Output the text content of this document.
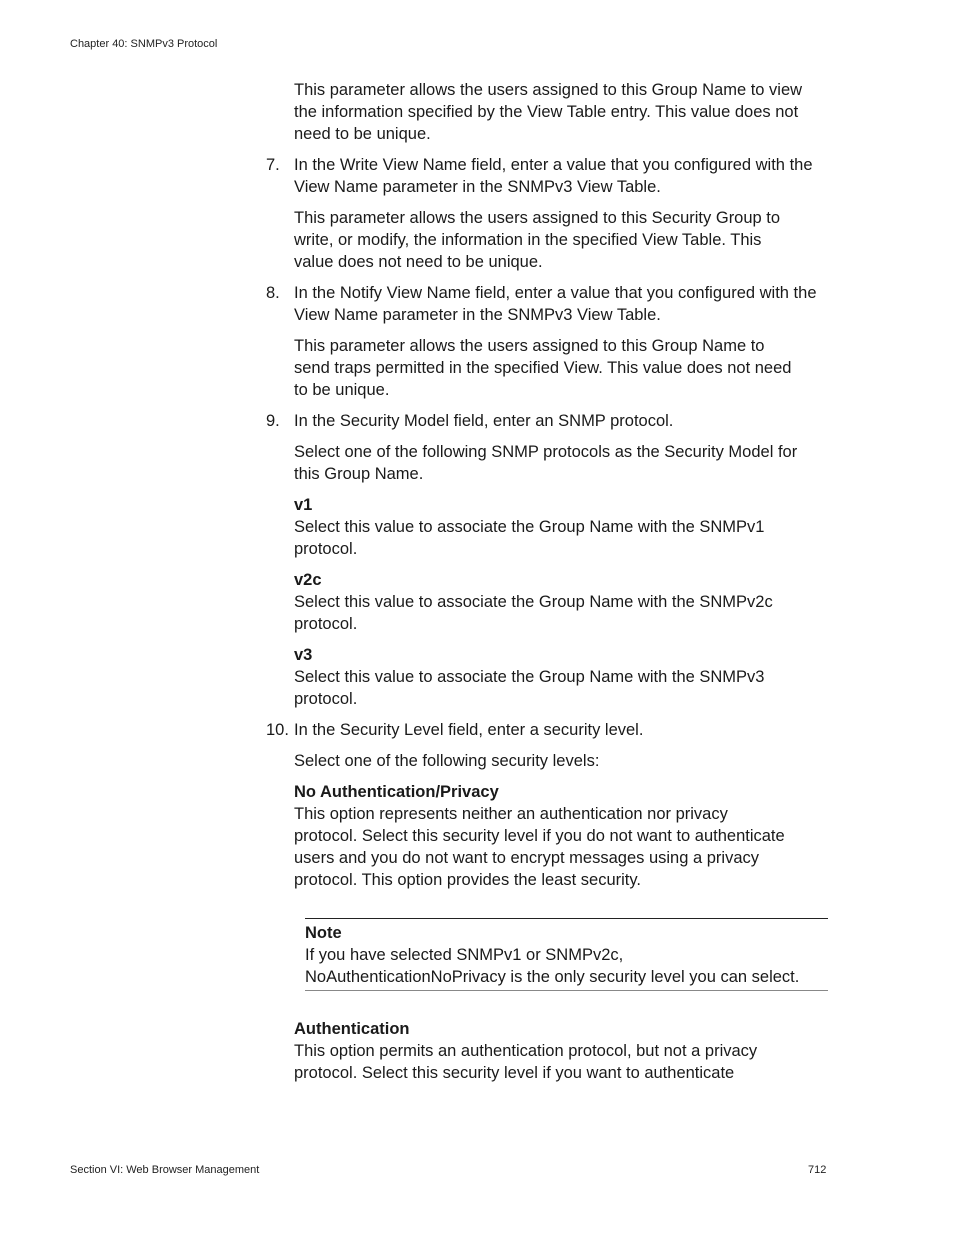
Chapter 40: SNMPv3 Protocol

This parameter allows the users assigned to this Group Name to view the information specified by the View Table entry. This value does not need to be unique.

7. In the Write View Name field, enter a value that you configured with the View Name parameter in the SNMPv3 View Table.

This parameter allows the users assigned to this Security Group to write, or modify, the information in the specified View Table. This value does not need to be unique.

8. In the Notify View Name field, enter a value that you configured with the View Name parameter in the SNMPv3 View Table.

This parameter allows the users assigned to this Group Name to send traps permitted in the specified View. This value does not need to be unique.

9. In the Security Model field, enter an SNMP protocol.

Select one of the following SNMP protocols as the Security Model for this Group Name.

v1

Select this value to associate the Group Name with the SNMPv1 protocol.

v2c

Select this value to associate the Group Name with the SNMPv2c protocol.

v3

Select this value to associate the Group Name with the SNMPv3 protocol.

10. In the Security Level field, enter a security level.

Select one of the following security levels:

No Authentication/Privacy

This option represents neither an authentication nor privacy protocol. Select this security level if you do not want to authenticate users and you do not want to encrypt messages using a privacy protocol. This option provides the least security.

Note

If you have selected SNMPv1 or SNMPv2c,

NoAuthenticationNoPrivacy is the only security level you can select.

Authentication

This option permits an authentication protocol, but not a privacy protocol. Select this security level if you want to authenticate

Section VI: Web Browser Management	712
